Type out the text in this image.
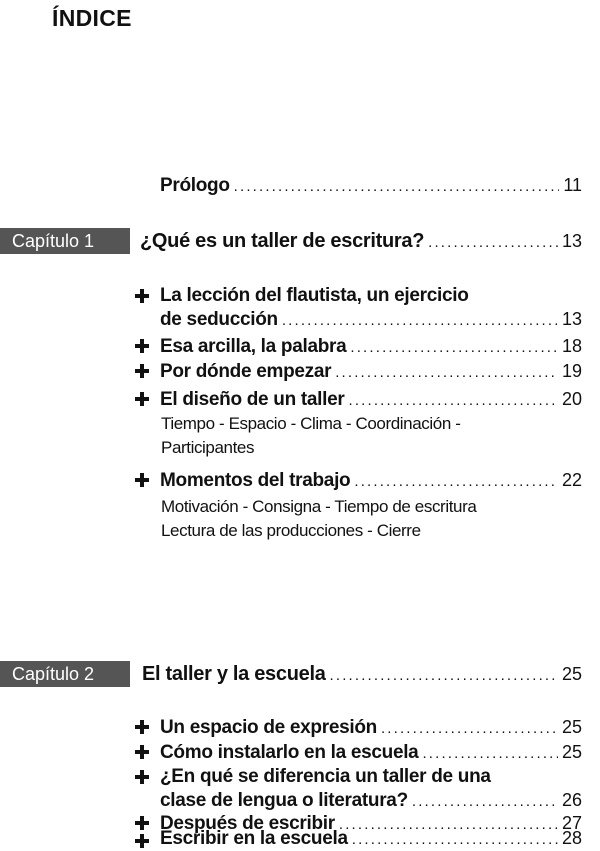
ÍNDICE
Prólogo . . .	11
Capítulo 1	¿Qué es un taller de escritura? . . .	13
La lección del flautista, un ejercicio
de seducción . . .	13
Esa arcilla, la palabra . . .	18
Por dónde empezar . . .	19
El diseño de un taller . . .	20
Tiempo - Espacio - Clima - Coordinación -
Participantes
Momentos del trabajo . . .	22
Motivación - Consigna - Tiempo de escritura
Lectura de las producciones - Cierre
Capítulo 2	El taller y la escuela . . .	25
Un espacio de expresión . . .	25
Cómo instalarlo en la escuela . . .	25
¿En qué se diferencia un taller de una
clase de lengua o literatura? . . .	26
Después de escribir . . .	27
Escribir en la escuela . . .	28
